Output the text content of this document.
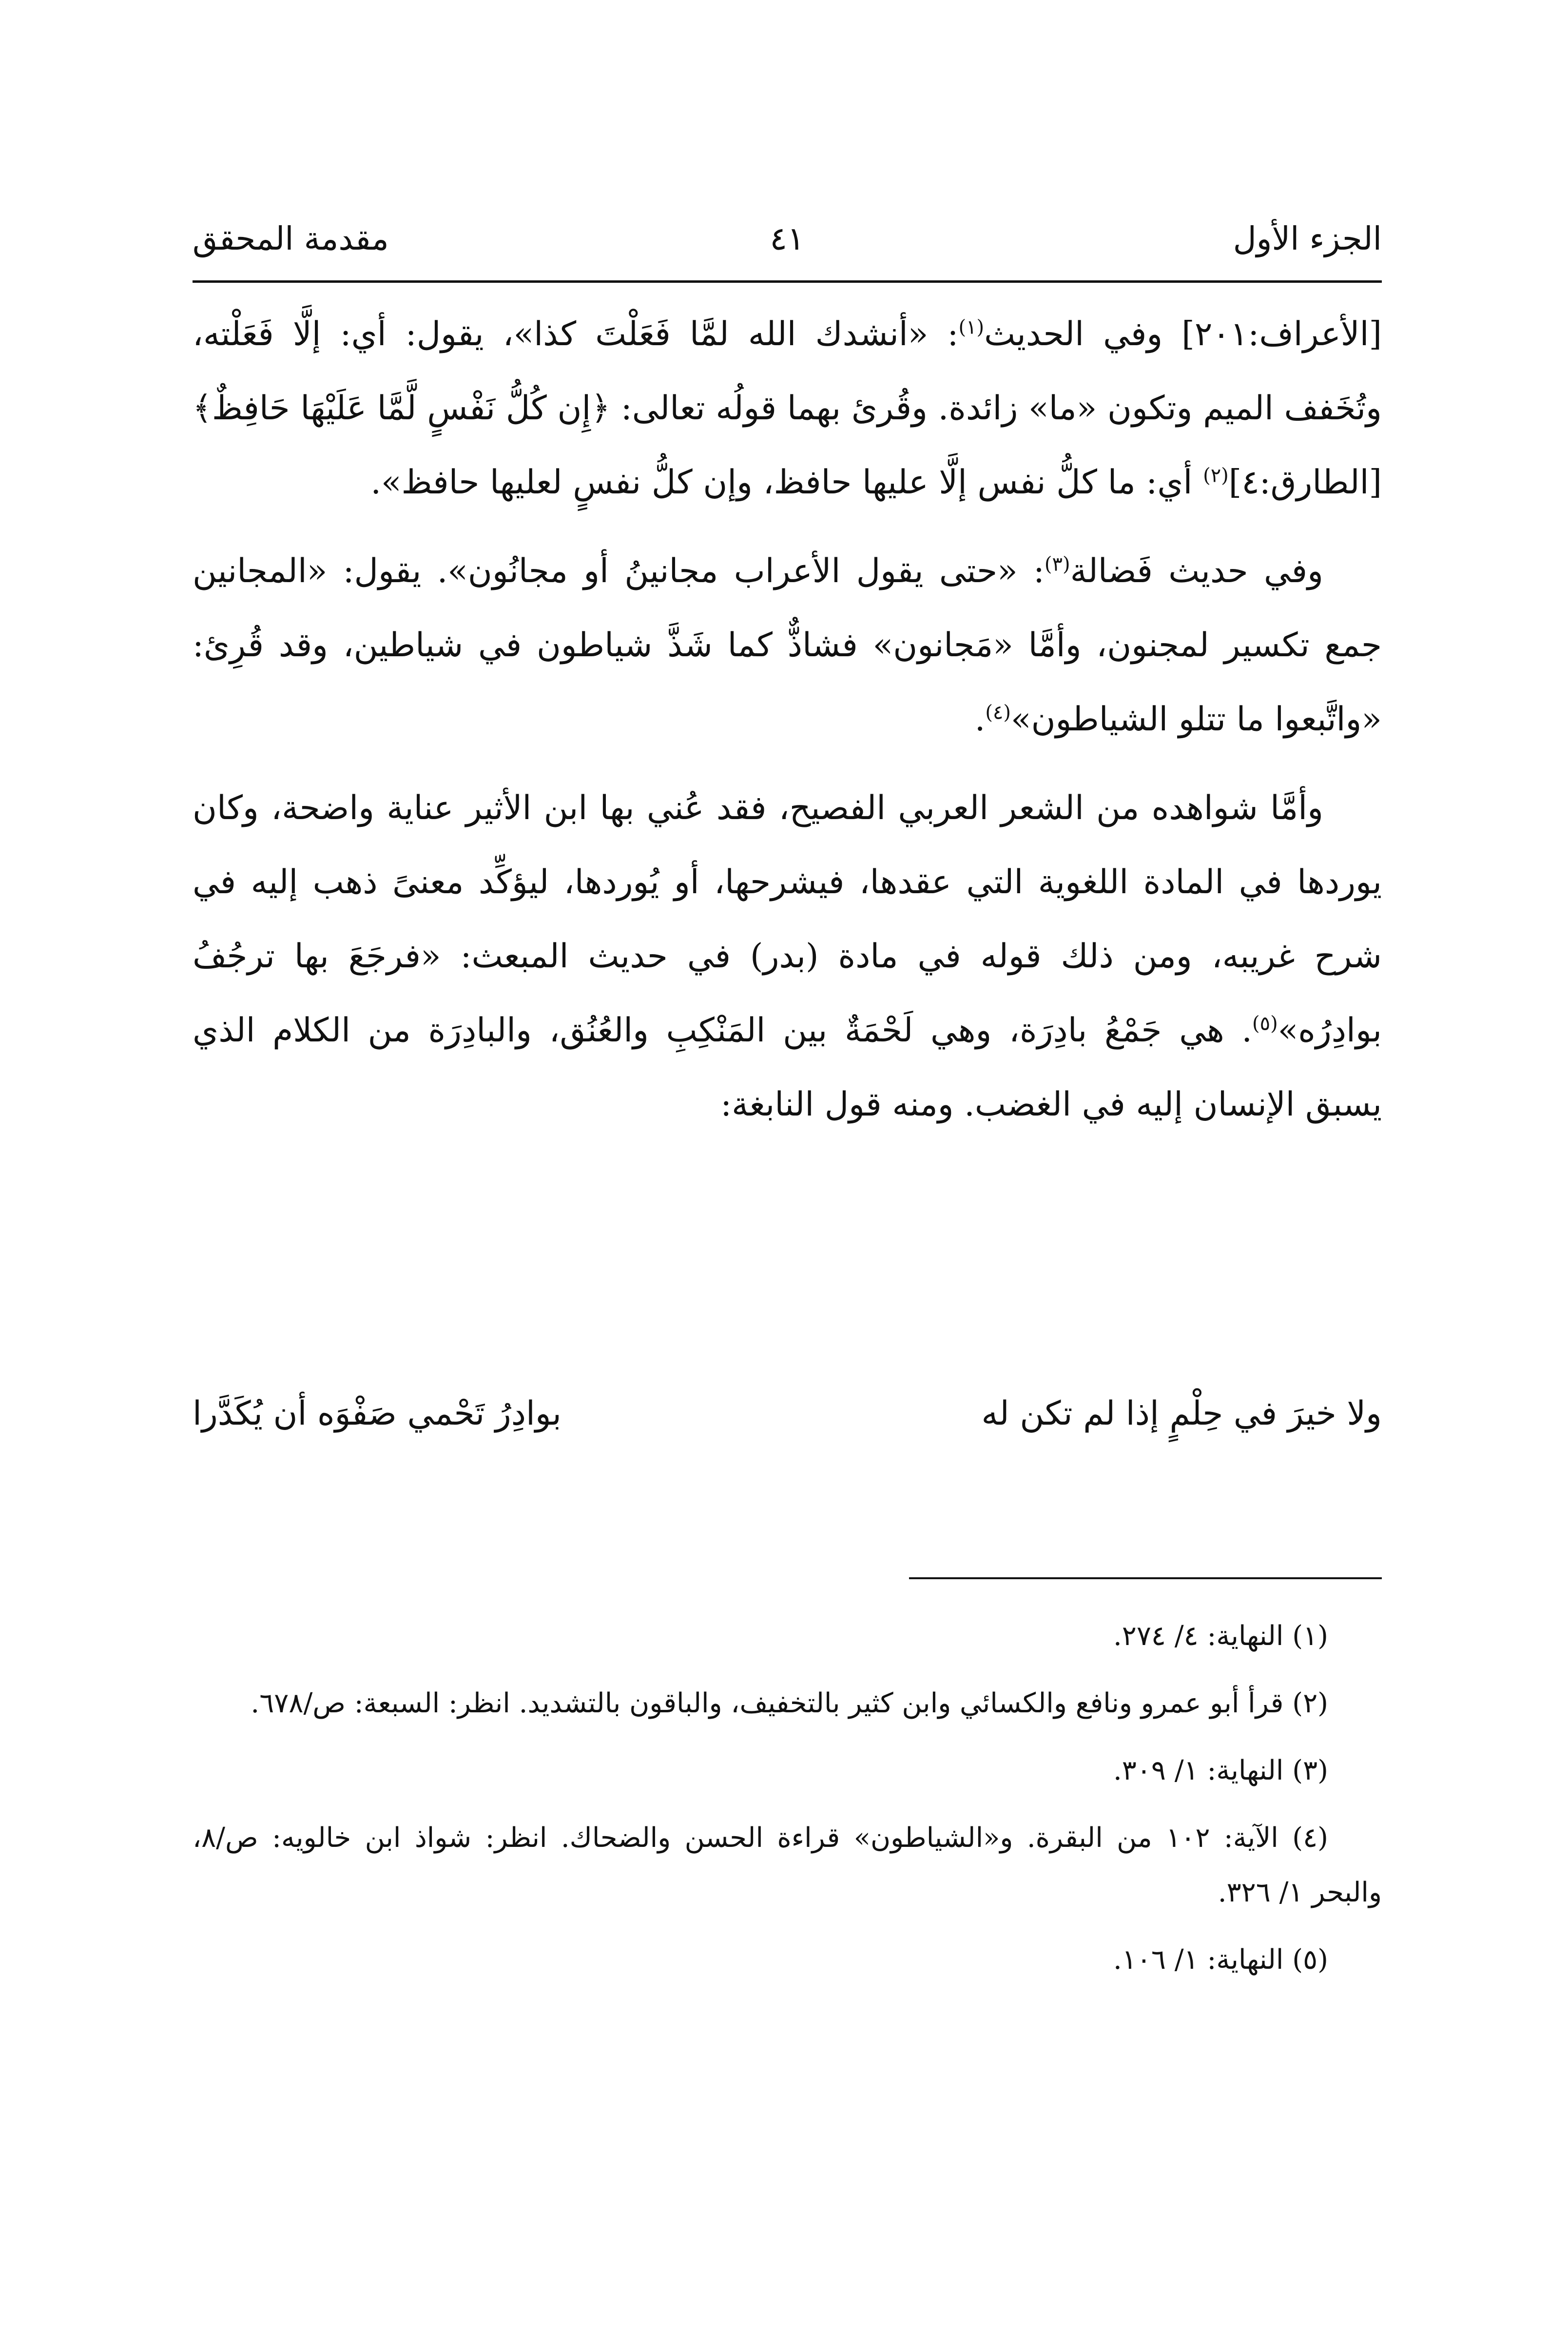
الجزء الأول
٤١
مقدمة المحقق

[الأعراف:٢٠١] وفي الحديث$^{(١)}$: «أنشدك الله لمَّا فَعَلْتَ كذا»، يقول: أي: إلَّا فَعَلْته، وتُخَفف الميم وتكون «ما» زائدة. وقُرئ بهما قولُه تعالى: ﴿إِن كُلُّ نَفْسٍ لَّمَّا عَلَيْهَا حَافِظٌ﴾ [الطارق:٤]$^{(٢)}$ أي: ما كلُّ نفس إلَّا عليها حافظ، وإن كلُّ نفسٍ لعليها حافظ».

وفي حديث فَضالة$^{(٣)}$: «حتى يقول الأعراب مجانينُ أو مجانُون». يقول: «المجانين جمع تكسير لمجنون، وأمَّا «مَجانون» فشاذٌّ كما شَذَّ شياطون في شياطين، وقد قُرِئ: «واتَّبعوا ما تتلو الشياطون»$^{(٤)}$.

وأمَّا شواهده من الشعر العربي الفصيح، فقد عُني بها ابن الأثير عناية واضحة، وكان يوردها في المادة اللغوية التي عقدها، فيشرحها، أو يُوردها، ليؤكِّد معنىً ذهب إليه في شرح غريبه، ومن ذلك قوله في مادة (بدر) في حديث المبعث: «فرجَعَ بها ترجُفُ بوادِرُه»$^{(٥)}$. هي جَمْعُ بادِرَة، وهي لَحْمَةٌ بين المَنْكِبِ والعُنُق، والبادِرَة من الكلام الذي يسبق الإنسان إليه في الغضب. ومنه قول النابغة:

ولا خيرَ في حِلْمٍ إذا لم تكن له
بوادِرُ تَحْمي صَفْوَه أن يُكَدَّرا

(١) النهاية: ٤/ ٢٧٤.

(٢) قرأ أبو عمرو ونافع والكسائي وابن كثير بالتخفيف، والباقون بالتشديد. انظر: السبعة: ص/٦٧٨.

(٣) النهاية: ١/ ٣٠٩.

(٤) الآية: ١٠٢ من البقرة. و«الشياطون» قراءة الحسن والضحاك. انظر: شواذ ابن خالويه: ص/٨، والبحر ١/ ٣٢٦.

(٥) النهاية: ١/ ١٠٦.
